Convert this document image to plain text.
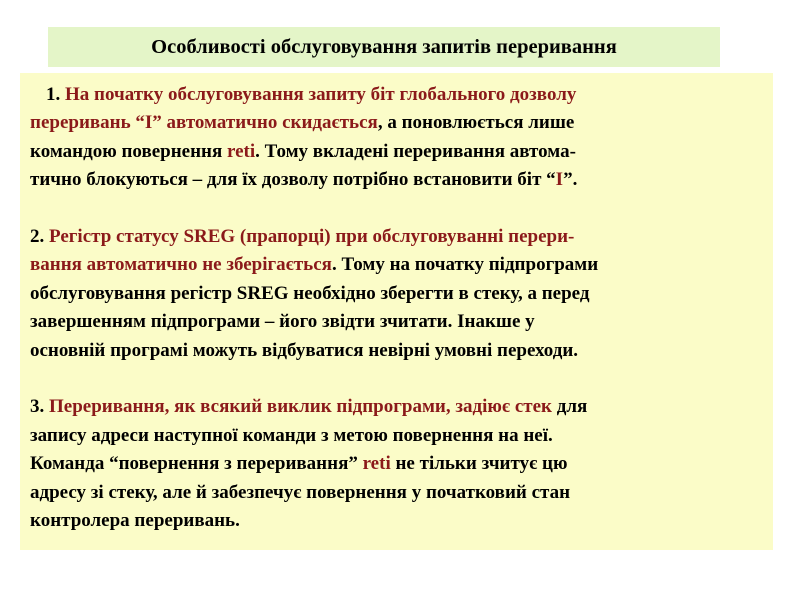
Особливості обслуговування запитів переривання
1. На початку обслуговування запиту біт глобального дозволу
переривань “І” автоматично скидається, а поновлюється лише
командою повернення reti. Тому вкладені переривання автома-
тично блокуються – для їх дозволу потрібно встановити біт “І”.
2. Регістр статусу SREG (прапорці) при обслуговуванні перери-
вання автоматично не зберігається. Тому на початку підпрограми
обслуговування регістр SREG необхідно зберегти в стеку, а перед
завершенням підпрограми – його звідти зчитати. Інакше у
основній програмі можуть відбуватися невірні умовні переходи.
3. Переривання, як всякий виклик підпрограми, задіює стек для
запису адреси наступної команди з метою повернення на неї.
Команда “повернення з переривання” reti не тільки зчитує цю
адресу зі стеку, але й забезпечує повернення у початковий стан
контролера переривань.
